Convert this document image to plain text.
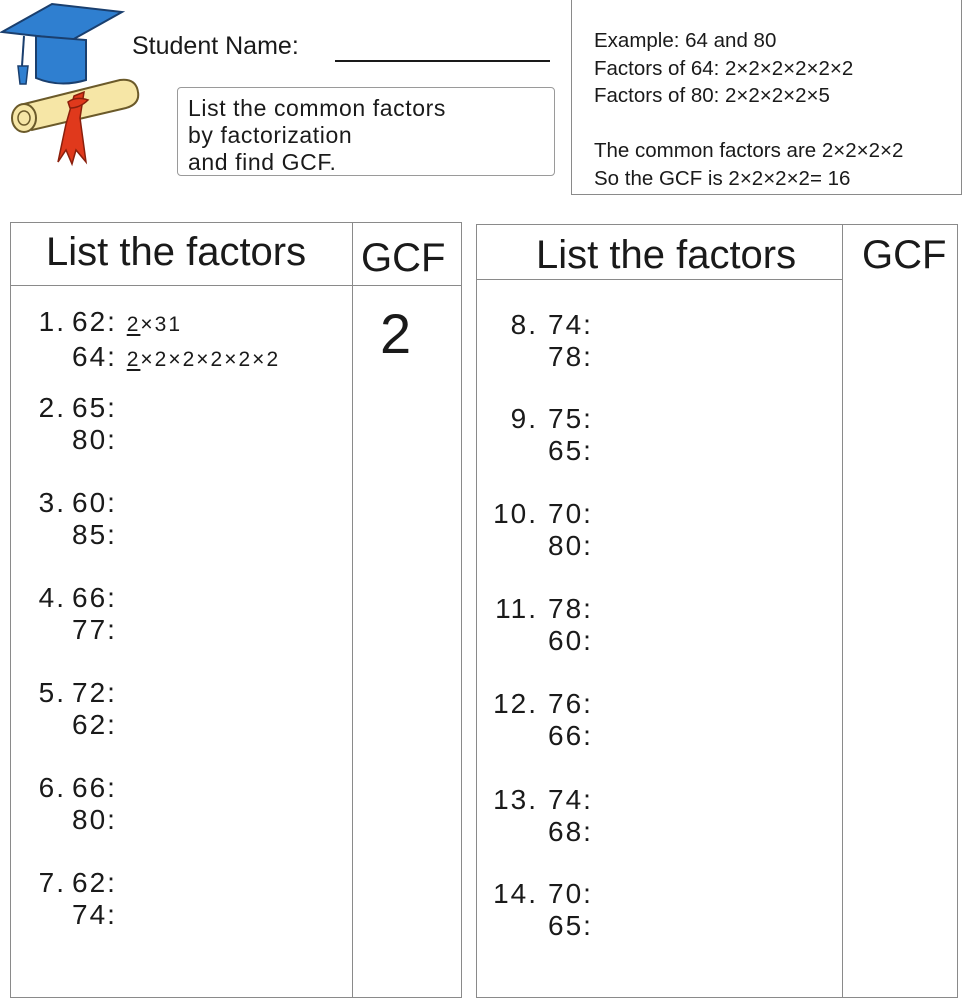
Student Name:
List the common factors
by factorization
and find GCF.
Example: 64 and 80
Factors of 64: 2×2×2×2×2×2
Factors of 80: 2×2×2×2×5
The common factors are 2×2×2×2
So the GCF is 2×2×2×2= 16
List the factors GCF
1. 62: 2×31
64: 2×2×2×2×2×2 2
2. 65:
80:
3. 60:
85:
4. 66:
77:
5. 72:
62:
6. 66:
80:
7. 62:
74:
List the factors GCF
8. 74:
78:
9. 75:
65:
10. 70:
80:
11. 78:
60:
12. 76:
66:
13. 74:
68:
14. 70:
65:
